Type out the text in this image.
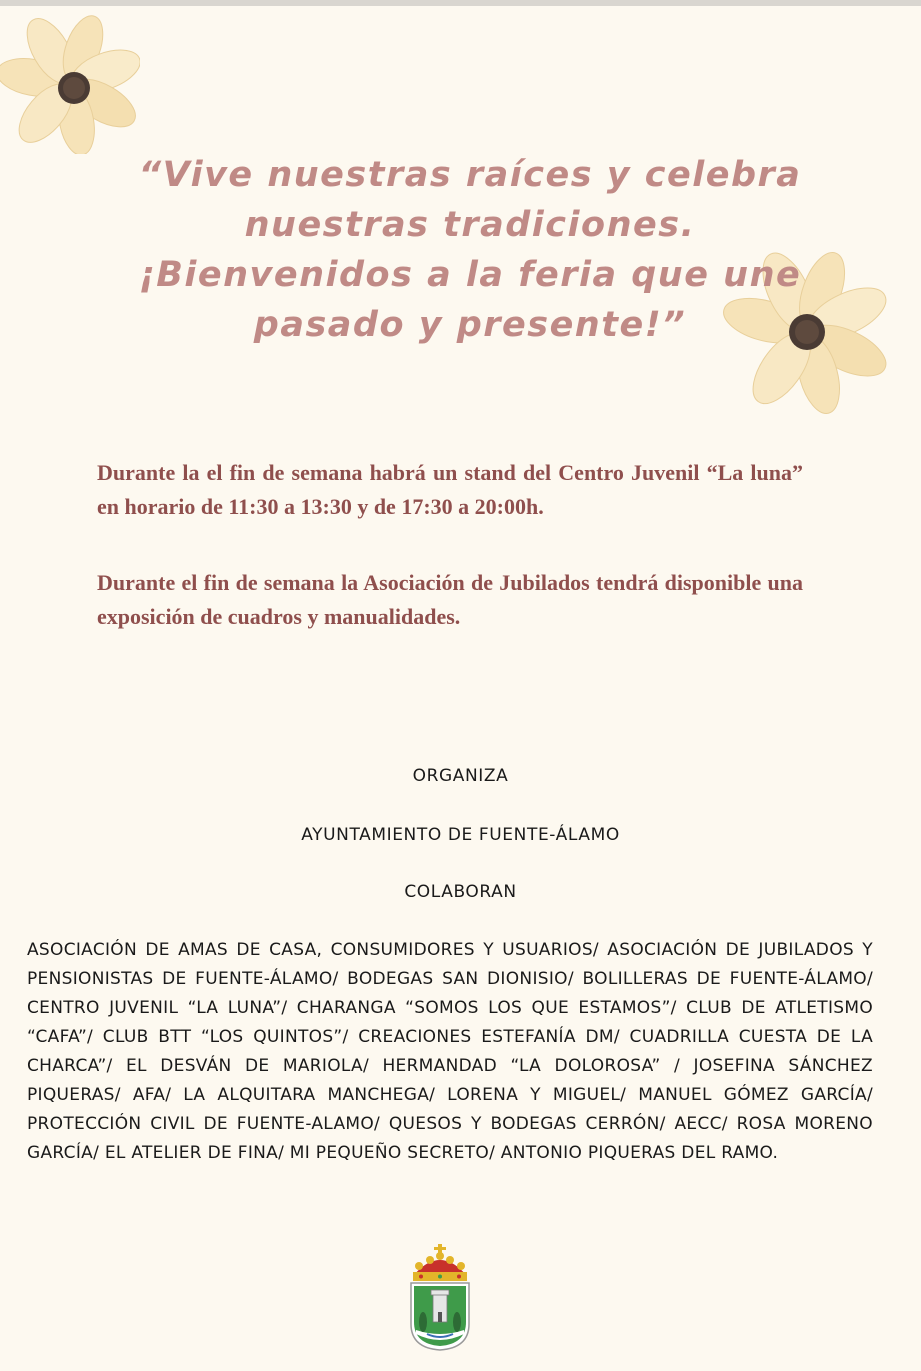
“Vive nuestras raíces y celebra
nuestras tradiciones.
¡Bienvenidos a la feria que une
pasado y presente!”
Durante la el fin de semana habrá un stand del Centro Juvenil “La luna” en horario de 11:30 a 13:30 y de 17:30 a 20:00h.
Durante el fin de semana la Asociación de Jubilados tendrá disponible una exposición de cuadros y manualidades.
ORGANIZA
AYUNTAMIENTO DE FUENTE-ÁLAMO
COLABORAN
ASOCIACIÓN DE AMAS DE CASA, CONSUMIDORES Y USUARIOS/ ASOCIACIÓN DE JUBILADOS Y PENSIONISTAS DE FUENTE-ÁLAMO/ BODEGAS SAN DIONISIO/ BOLILLERAS DE FUENTE-ÁLAMO/ CENTRO JUVENIL “LA LUNA”/ CHARANGA “SOMOS LOS QUE ESTAMOS”/ CLUB DE ATLETISMO “CAFA”/ CLUB BTT “LOS QUINTOS”/ CREACIONES ESTEFANÍA DM/ CUADRILLA CUESTA DE LA CHARCA”/ EL DESVÁN DE MARIOLA/ HERMANDAD “LA DOLOROSA” / JOSEFINA SÁNCHEZ PIQUERAS/ AFA/ LA ALQUITARA MANCHEGA/ LORENA Y MIGUEL/ MANUEL GÓMEZ GARCÍA/ PROTECCIÓN CIVIL DE FUENTE-ALAMO/ QUESOS Y BODEGAS CERRÓN/ AECC/ ROSA MORENO GARCÍA/ EL ATELIER DE FINA/ MI PEQUEÑO SECRETO/ ANTONIO PIQUERAS DEL RAMO.
